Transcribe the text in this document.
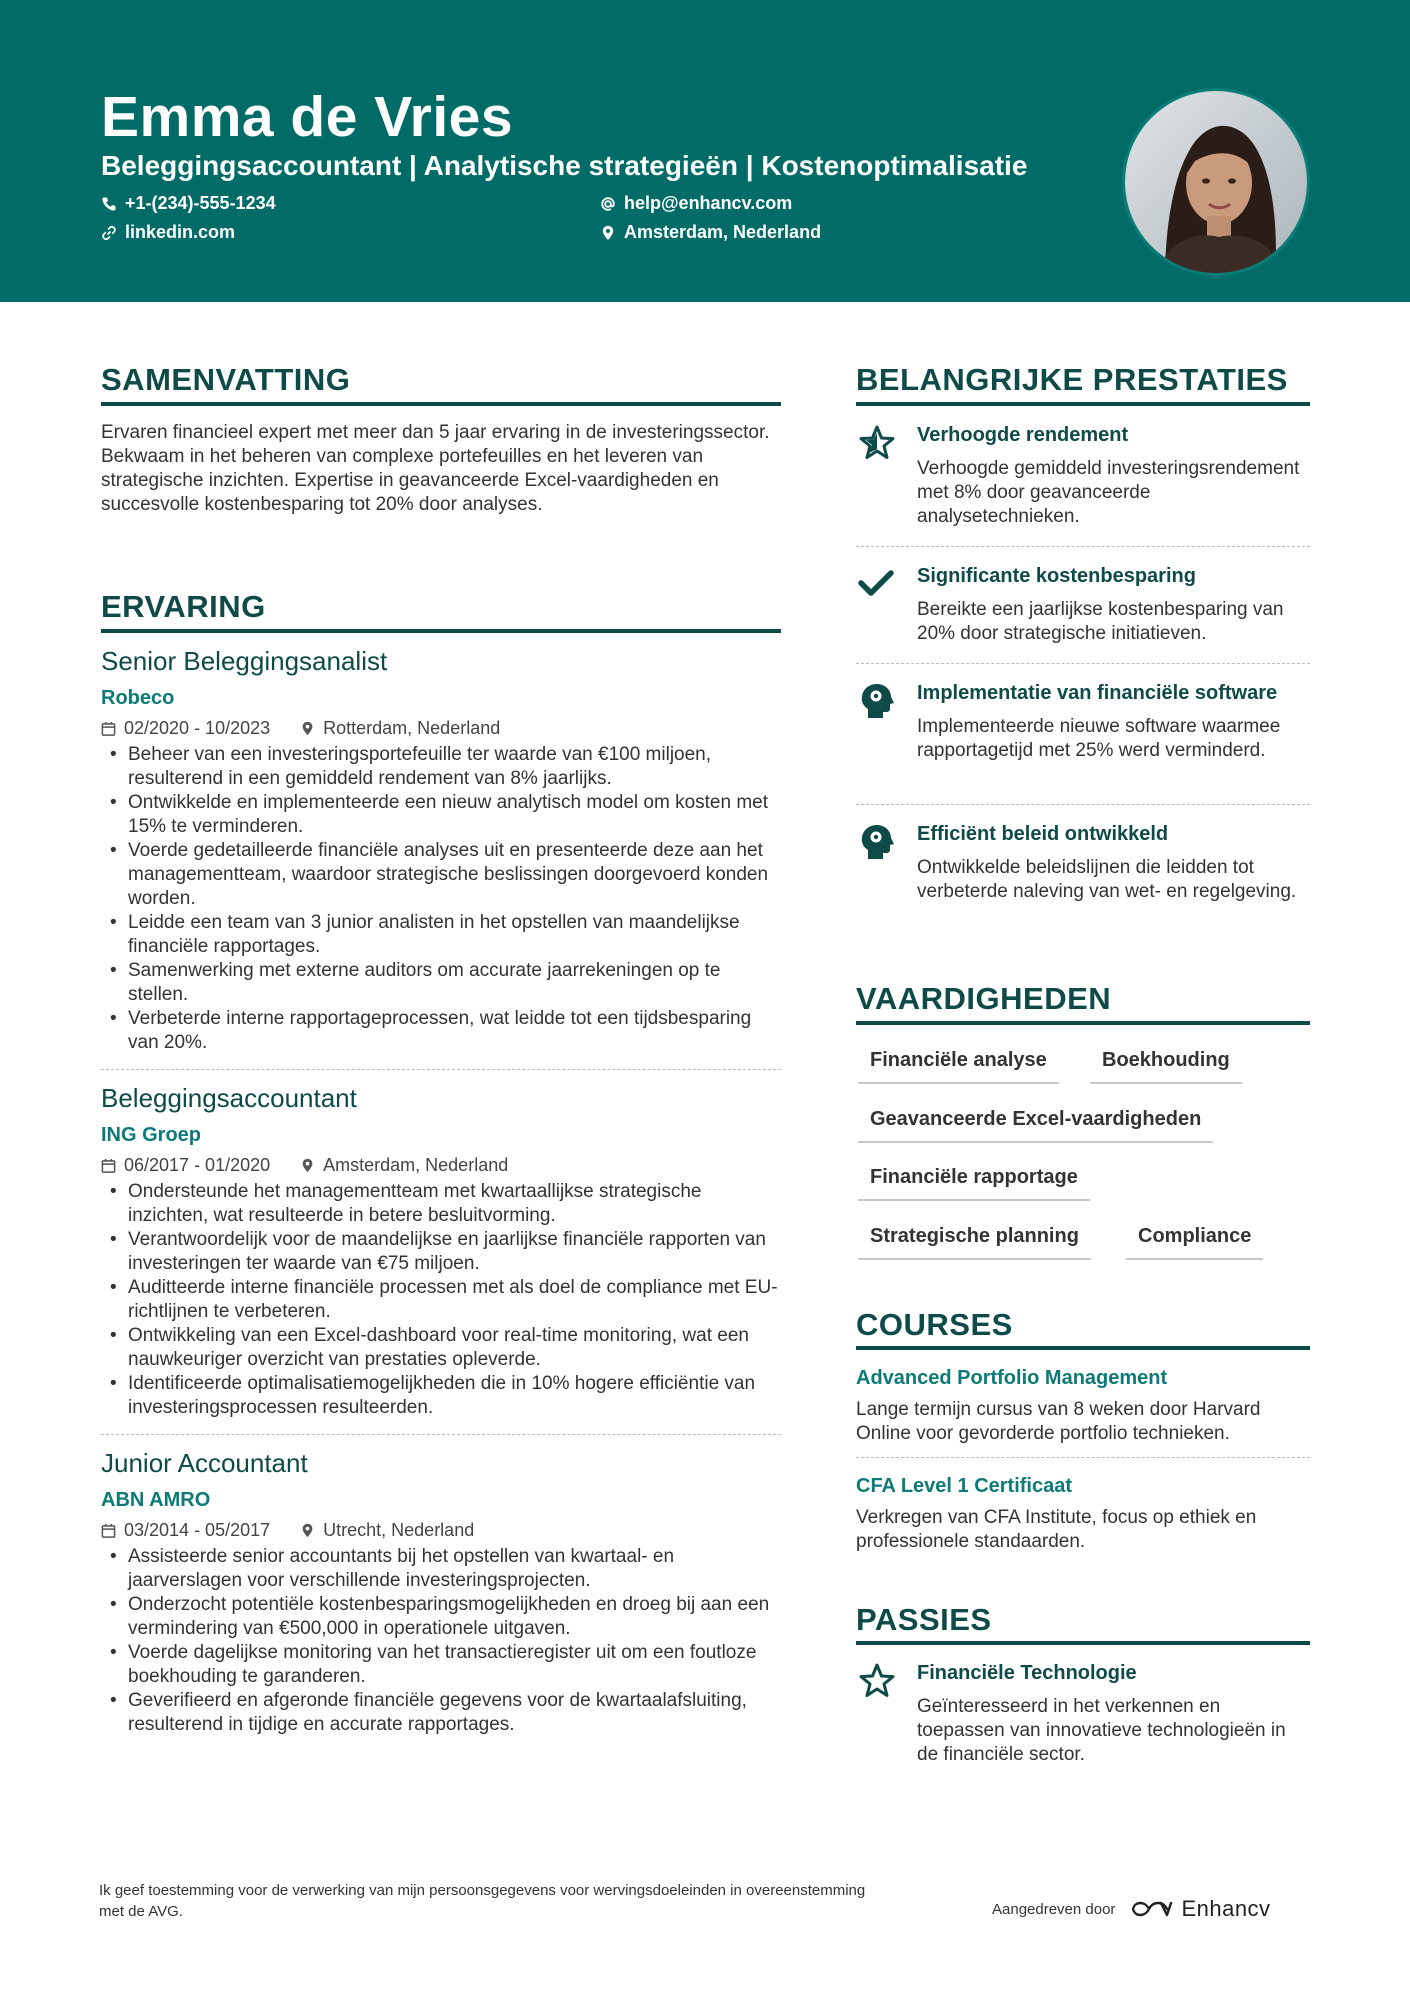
Emma de Vries
Beleggingsaccountant | Analytische strategieën | Kostenoptimalisatie
+1-(234)-555-1234	help@enhancv.com
linkedin.com	Amsterdam, Nederland
SAMENVATTING
Ervaren financieel expert met meer dan 5 jaar ervaring in de investeringssector. Bekwaam in het beheren van complexe portefeuilles en het leveren van strategische inzichten. Expertise in geavanceerde Excel-vaardigheden en succesvolle kostenbesparing tot 20% door analyses.
ERVARING
Senior Beleggingsanalist
Robeco
02/2020 - 10/2023	Rotterdam, Nederland
• Beheer van een investeringsportefeuille ter waarde van €100 miljoen, resulterend in een gemiddeld rendement van 8% jaarlijks.
• Ontwikkelde en implementeerde een nieuw analytisch model om kosten met 15% te verminderen.
• Voerde gedetailleerde financiële analyses uit en presenteerde deze aan het managementteam, waardoor strategische beslissingen doorgevoerd konden worden.
• Leidde een team van 3 junior analisten in het opstellen van maandelijkse financiële rapportages.
• Samenwerking met externe auditors om accurate jaarrekeningen op te stellen.
• Verbeterde interne rapportageprocessen, wat leidde tot een tijdsbesparing van 20%.
Beleggingsaccountant
ING Groep
06/2017 - 01/2020	Amsterdam, Nederland
• Ondersteunde het managementteam met kwartaallijkse strategische inzichten, wat resulteerde in betere besluitvorming.
• Verantwoordelijk voor de maandelijkse en jaarlijkse financiële rapporten van investeringen ter waarde van €75 miljoen.
• Auditteerde interne financiële processen met als doel de compliance met EU-richtlijnen te verbeteren.
• Ontwikkeling van een Excel-dashboard voor real-time monitoring, wat een nauwkeuriger overzicht van prestaties opleverde.
• Identificeerde optimalisatiemogelijkheden die in 10% hogere efficiëntie van investeringsprocessen resulteerden.
Junior Accountant
ABN AMRO
03/2014 - 05/2017	Utrecht, Nederland
• Assisteerde senior accountants bij het opstellen van kwartaal- en jaarverslagen voor verschillende investeringsprojecten.
• Onderzocht potentiële kostenbesparingsmogelijkheden en droeg bij aan een vermindering van €500,000 in operationele uitgaven.
• Voerde dagelijkse monitoring van het transactieregister uit om een foutloze boekhouding te garanderen.
• Geverifieerd en afgeronde financiële gegevens voor de kwartaalafsluiting, resulterend in tijdige en accurate rapportages.
BELANGRIJKE PRESTATIES
Verhoogde rendement
Verhoogde gemiddeld investeringsrendement met 8% door geavanceerde analysetechnieken.
Significante kostenbesparing
Bereikte een jaarlijkse kostenbesparing van 20% door strategische initiatieven.
Implementatie van financiële software
Implementeerde nieuwe software waarmee rapportagetijd met 25% werd verminderd.
Efficiënt beleid ontwikkeld
Ontwikkelde beleidslijnen die leidden tot verbeterde naleving van wet- en regelgeving.
VAARDIGHEDEN
Financiële analyse	Boekhouding
Geavanceerde Excel-vaardigheden
Financiële rapportage
Strategische planning	Compliance
COURSES
Advanced Portfolio Management
Lange termijn cursus van 8 weken door Harvard Online voor gevorderde portfolio technieken.
CFA Level 1 Certificaat
Verkregen van CFA Institute, focus op ethiek en professionele standaarden.
PASSIES
Financiële Technologie
Geïnteresseerd in het verkennen en toepassen van innovatieve technologieën in de financiële sector.
Ik geef toestemming voor de verwerking van mijn persoonsgegevens voor wervingsdoeleinden in overeenstemming met de AVG.	Aangedreven door	Enhancv
